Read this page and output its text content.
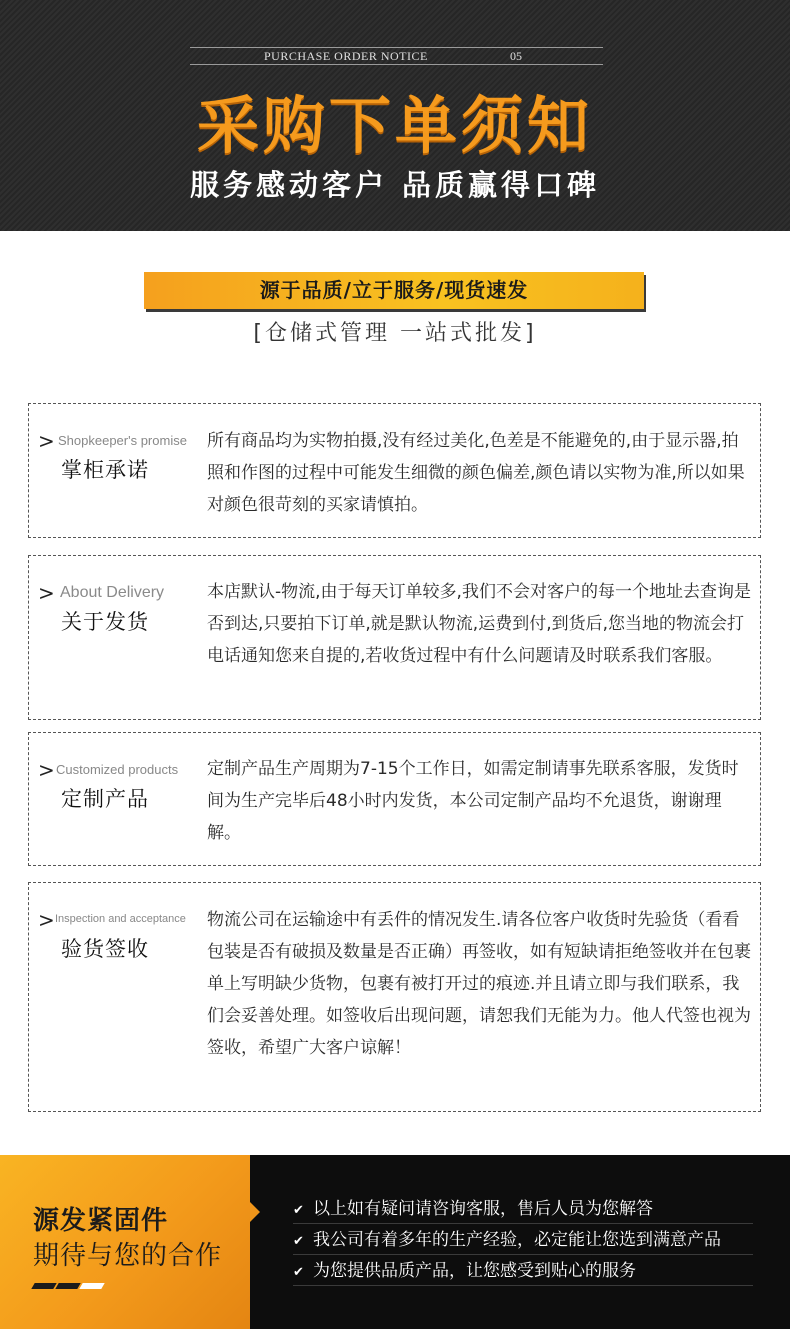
PURCHASE ORDER NOTICE	05
采购下单须知
服务感动客户 品质赢得口碑
源于品质/立于服务/现货速发
[仓储式管理 一站式批发]
> Shopkeeper's promise
掌柜承诺
所有商品均为实物拍摄,没有经过美化,色差是不能避免的,由于显示器,拍照和作图的过程中可能发生细微的颜色偏差,颜色请以实物为准,所以如果对颜色很苛刻的买家请慎拍。
> About Delivery
关于发货
本店默认-物流,由于每天订单较多,我们不会对客户的每一个地址去查询是否到达,只要拍下订单,就是默认物流,运费到付,到货后,您当地的物流会打电话通知您来自提的,若收货过程中有什么问题请及时联系我们客服。
> Customized products
定制产品
定制产品生产周期为7-15个工作日，如需定制请事先联系客服，发货时间为生产完毕后48小时内发货，本公司定制产品均不允退货，谢谢理解。
> Inspection and acceptance
验货签收
物流公司在运输途中有丢件的情况发生.请各位客户收货时先验货（看看包装是否有破损及数量是否正确）再签收，如有短缺请拒绝签收并在包裹单上写明缺少货物，包裹有被打开过的痕迹.并且请立即与我们联系，我们会妥善处理。如签收后出现问题，请恕我们无能为力。他人代签也视为签收，希望广大客户谅解！
源发紧固件
期待与您的合作
✔ 以上如有疑问请咨询客服，售后人员为您解答
✔ 我公司有着多年的生产经验，必定能让您选到满意产品
✔ 为您提供品质产品，让您感受到贴心的服务
